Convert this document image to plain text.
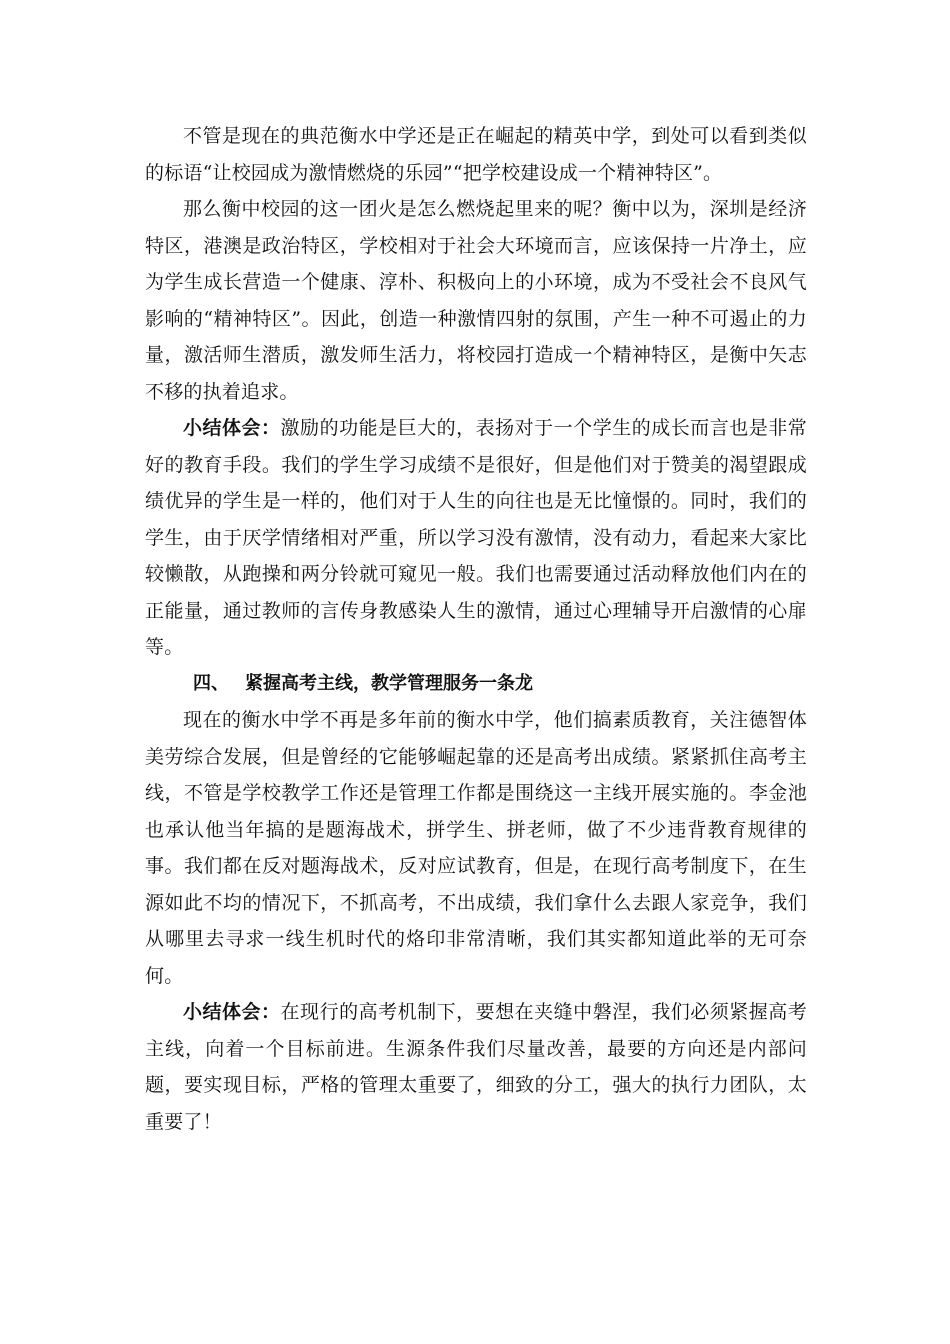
不管是现在的典范衡水中学还是正在崛起的精英中学，到处可以看到类似的标语“让校园成为激情燃烧的乐园”“把学校建设成一个精神特区”。

那么衡中校园的这一团火是怎么燃烧起里来的呢？衡中以为，深圳是经济特区，港澳是政治特区，学校相对于社会大环境而言，应该保持一片净土，应为学生成长营造一个健康、淳朴、积极向上的小环境，成为不受社会不良风气影响的“精神特区”。因此，创造一种激情四射的氛围，产生一种不可遏止的力量，激活师生潜质，激发师生活力，将校园打造成一个精神特区，是衡中矢志不移的执着追求。

小结体会：激励的功能是巨大的，表扬对于一个学生的成长而言也是非常好的教育手段。我们的学生学习成绩不是很好，但是他们对于赞美的渴望跟成绩优异的学生是一样的，他们对于人生的向往也是无比憧憬的。同时，我们的学生，由于厌学情绪相对严重，所以学习没有激情，没有动力，看起来大家比较懒散，从跑操和两分铃就可窥见一般。我们也需要通过活动释放他们内在的正能量，通过教师的言传身教感染人生的激情，通过心理辅导开启激情的心扉等。

四、 紧握高考主线，教学管理服务一条龙

现在的衡水中学不再是多年前的衡水中学，他们搞素质教育，关注德智体美劳综合发展，但是曾经的它能够崛起靠的还是高考出成绩。紧紧抓住高考主线，不管是学校教学工作还是管理工作都是围绕这一主线开展实施的。李金池也承认他当年搞的是题海战术，拼学生、拼老师，做了不少违背教育规律的事。我们都在反对题海战术，反对应试教育，但是，在现行高考制度下，在生源如此不均的情况下，不抓高考，不出成绩，我们拿什么去跟人家竞争，我们从哪里去寻求一线生机时代的烙印非常清晰，我们其实都知道此举的无可奈何。

小结体会：在现行的高考机制下，要想在夹缝中磐涅，我们必须紧握高考主线，向着一个目标前进。生源条件我们尽量改善，最要的方向还是内部问题，要实现目标，严格的管理太重要了，细致的分工，强大的执行力团队，太重要了！
